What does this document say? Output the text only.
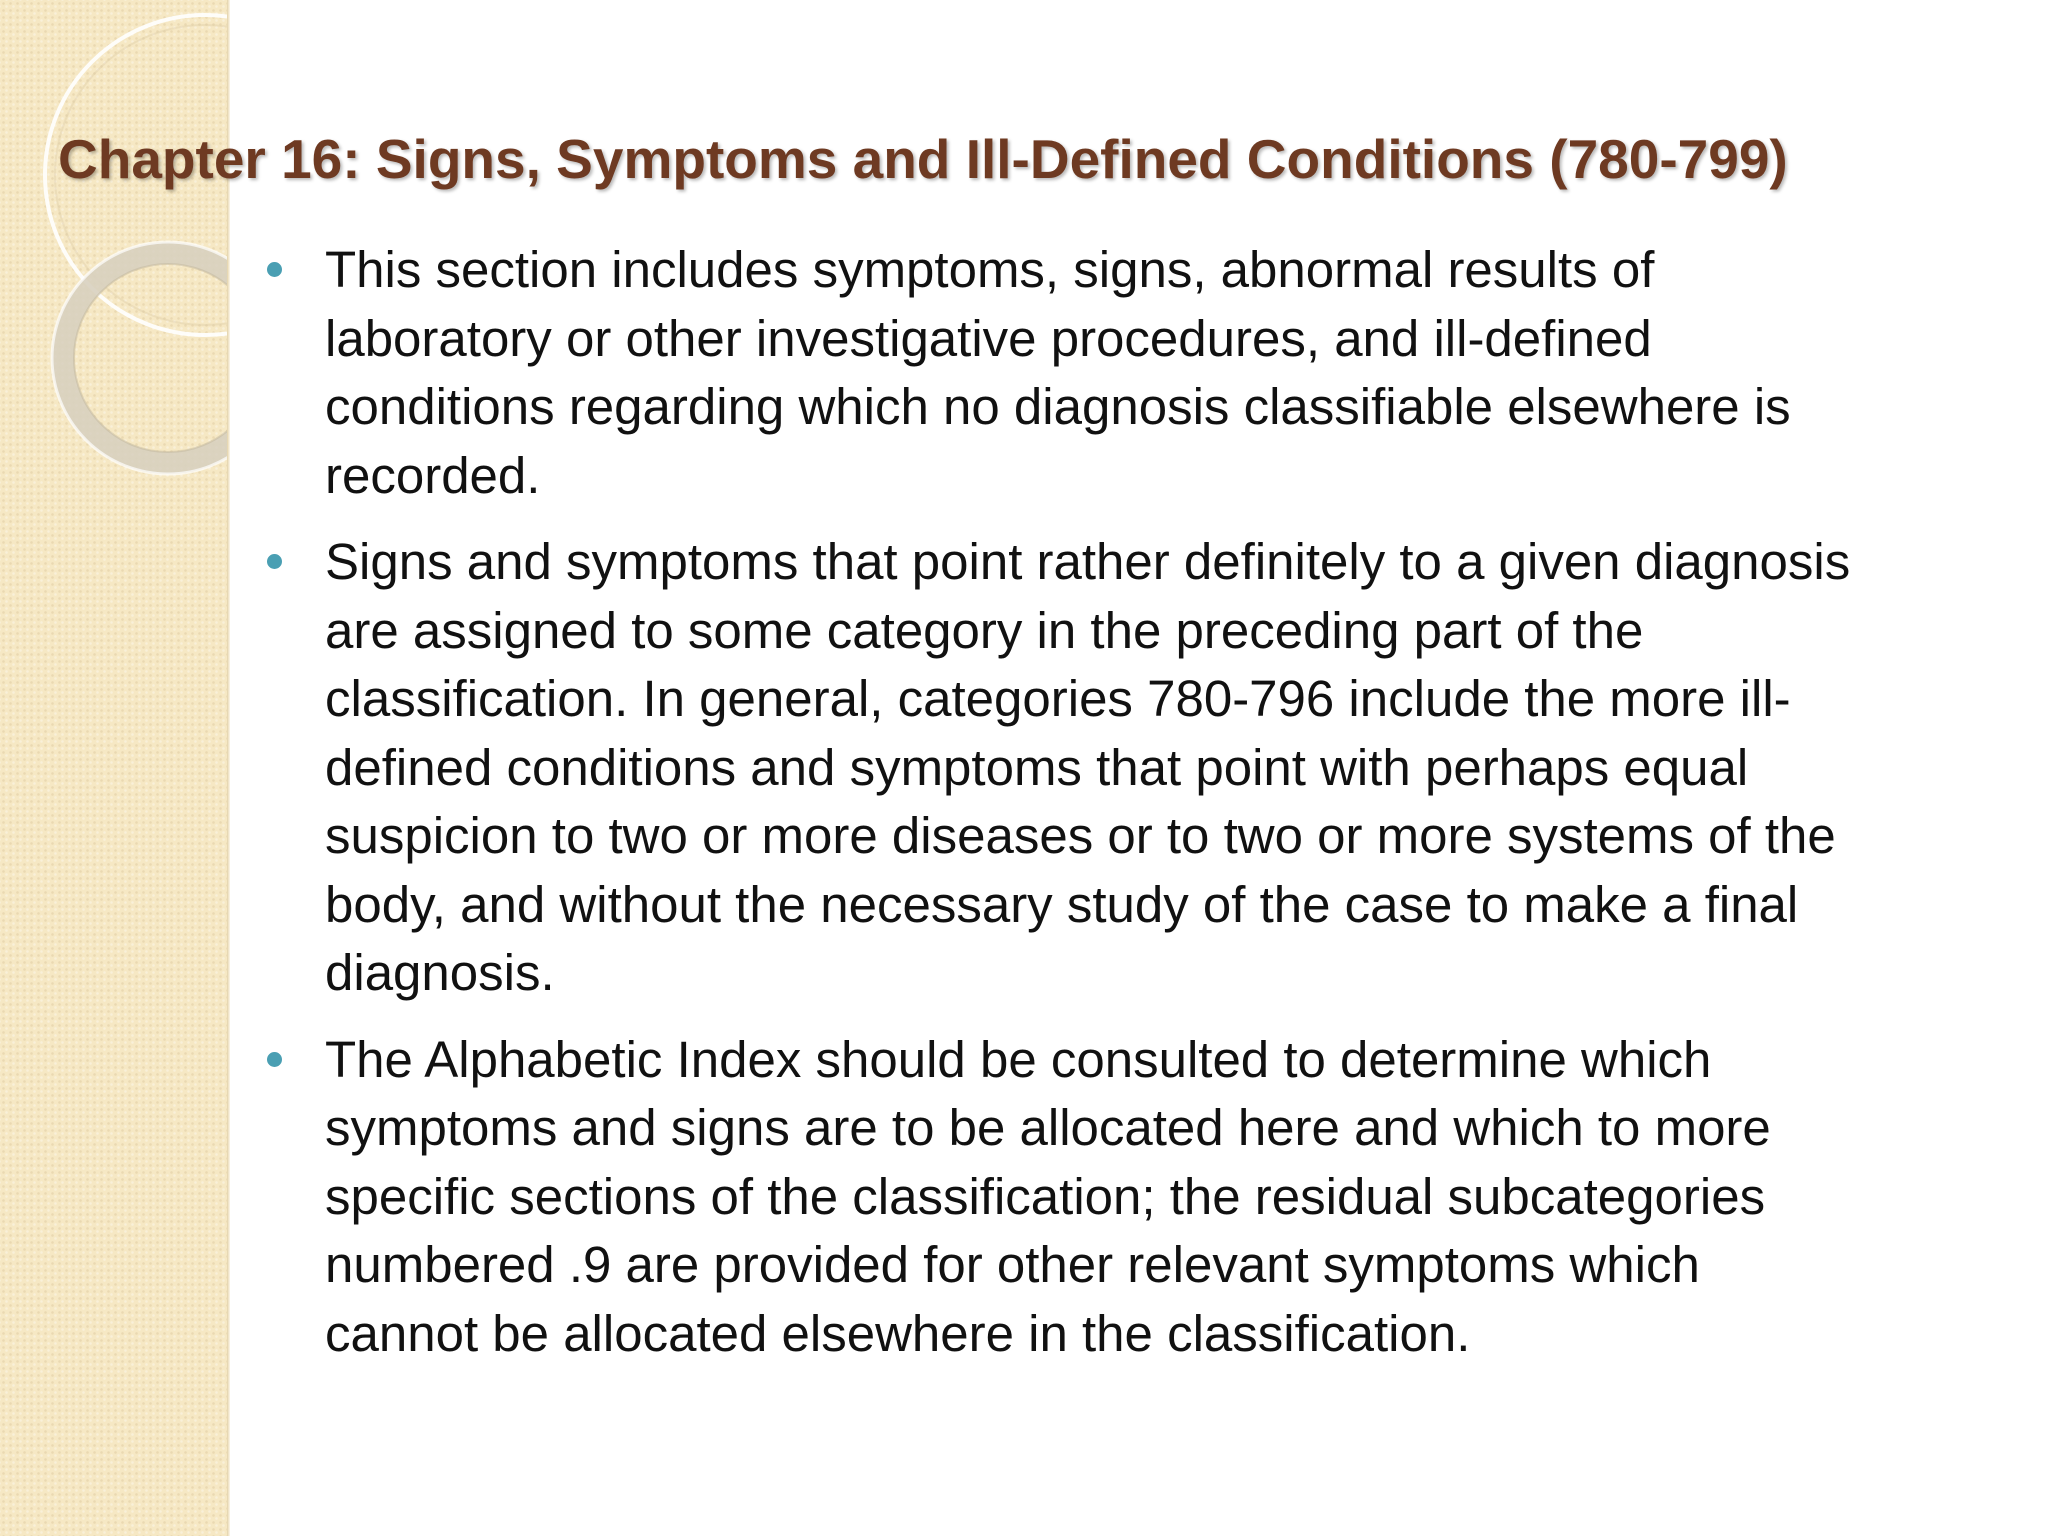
Chapter 16: Signs, Symptoms and Ill-Defined Conditions (780-799)
This section includes symptoms, signs, abnormal results of
laboratory or other investigative procedures, and ill-defined
conditions regarding which no diagnosis classifiable elsewhere is
recorded.
Signs and symptoms that point rather definitely to a given diagnosis
are assigned to some category in the preceding part of the
classification. In general, categories 780-796 include the more ill-
defined conditions and symptoms that point with perhaps equal
suspicion to two or more diseases or to two or more systems of the
body, and without the necessary study of the case to make a final
diagnosis.
The Alphabetic Index should be consulted to determine which
symptoms and signs are to be allocated here and which to more
specific sections of the classification; the residual subcategories
numbered .9 are provided for other relevant symptoms which
cannot be allocated elsewhere in the classification.
